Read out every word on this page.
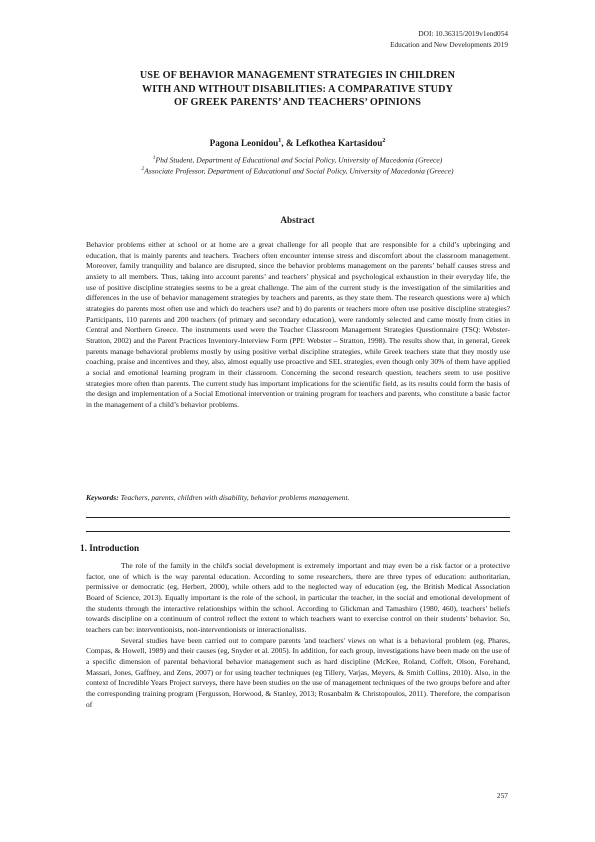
DOI: 10.36315/2019v1end054
Education and New Developments 2019
USE OF BEHAVIOR MANAGEMENT STRATEGIES IN CHILDREN
WITH AND WITHOUT DISABILITIES: A COMPARATIVE STUDY
OF GREEK PARENTS’ AND TEACHERS’ OPINIONS
Pagona Leonidou$^1$, & Lefkothea Kartasidou$^2$
$^1$Phd Student, Department of Educational and Social Policy, University of Macedonia (Greece)
$^2$Associate Professor, Department of Educational and Social Policy, University of Macedonia (Greece)
Abstract

Behavior problems either at school or at home are a great challenge for all people that are responsible for a child’s upbringing and education, that is mainly parents and teachers. Teachers often encounter intense stress and discomfort about the classroom management. Moreover, family tranquility and balance are disrupted, since the behavior problems management on the parents’ behalf causes stress and anxiety to all members. Thus, taking into account parents’ and teachers’ physical and psychological exhaustion in their everyday life, the use of positive discipline strategies seems to be a great challenge. The aim of the current study is the investigation of the similarities and differences in the use of behavior management strategies by teachers and parents, as they state them. The research questions were a) which strategies do parents most often use and which do teachers use? and b) do parents or teachers more often use positive discipline strategies? Participants, 110 parents and 200 teachers (of primary and secondary education), were randomly selected and came mostly from cities in Central and Northern Greece. The instruments used were the Teacher Classroom Management Strategies Questionnaire (TSQ: Webster-Stratton, 2002) and the Parent Practices Inventory-Interview Form (PPI: Webster – Stratton, 1998). The results show that, in general, Greek parents manage behavioral problems mostly by using positive verbal discipline strategies, while Greek teachers state that they mostly use coaching, praise and incentives and they, also, almost equally use proactive and SEL strategies, even though only 30% of them have applied a social and emotional learning program in their classroom. Concerning the second research question, teachers seem to use positive strategies more often than parents. The current study has important implications for the scientific field, as its results could form the basis of the design and implementation of a Social Emotional intervention or training program for teachers and parents, who constitute a basic factor in the management of a child’s behavior problems.

Keywords: Teachers, parents, children with disability, behavior problems management.

1. Introduction

The role of the family in the child's social development is extremely important and may even be a risk factor or a protective factor, one of which is the way parental education. According to some researchers, there are three types of education: authoritarian, permissive or democratic (eg, Herbert, 2000), while others add to the neglected way of education (eg, the British Medical Association Board of Science, 2013). Equally important is the role of the school, in particular the teacher, in the social and emotional development of the students through the interactive relationships within the school. According to Glickman and Tamashiro (1980, 460), teachers’ beliefs towards discipline on a continuum of control reflect the extent to which teachers want to exercise control on their students’ behavior. So, teachers can be: interventionists, non-interventionists or interactionalists.

Several studies have been carried out to compare parents 'and teachers' views on what is a behavioral problem (eg, Phares, Compas, & Howell, 1989) and their causes (eg, Snyder et al. 2005). In addition, for each group, investigations have been made on the use of a specific dimension of parental behavioral behavior management such as hard discipline (McKee, Roland, Coffelt, Olson, Forehand, Massari, Jones, Gaffney, and Zens, 2007) or for using teacher techniques (eg Tillery, Varjas, Meyers, & Smith Collins, 2010). Also, in the context of Incredible Years Project surveys, there have been studies on the use of management techniques of the two groups before and after the corresponding training program (Fergusson, Horwood, & Stanley, 2013; Rosanbalm & Christopoulos, 2011). Therefore, the comparison of

257
